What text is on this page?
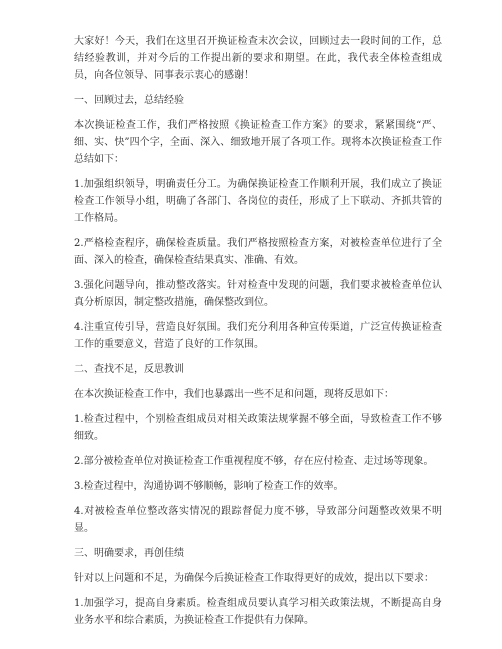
大家好！今天，我们在这里召开换证检查末次会议，回顾过去一段时间的工作，总结经验教训，并对今后的工作提出新的要求和期望。在此，我代表全体检查组成员，向各位领导、同事表示衷心的感谢！

一、回顾过去，总结经验

本次换证检查工作，我们严格按照《换证检查工作方案》的要求，紧紧围绕“严、细、实、快”四个字，全面、深入、细致地开展了各项工作。现将本次换证检查工作总结如下：

1.加强组织领导，明确责任分工。为确保换证检查工作顺利开展，我们成立了换证检查工作领导小组，明确了各部门、各岗位的责任，形成了上下联动、齐抓共管的工作格局。

2.严格检查程序，确保检查质量。我们严格按照检查方案，对被检查单位进行了全面、深入的检查，确保检查结果真实、准确、有效。

3.强化问题导向，推动整改落实。针对检查中发现的问题，我们要求被检查单位认真分析原因，制定整改措施，确保整改到位。

4.注重宣传引导，营造良好氛围。我们充分利用各种宣传渠道，广泛宣传换证检查工作的重要意义，营造了良好的工作氛围。

二、查找不足，反思教训

在本次换证检查工作中，我们也暴露出一些不足和问题，现将反思如下：

1.检查过程中，个别检查组成员对相关政策法规掌握不够全面，导致检查工作不够细致。

2.部分被检查单位对换证检查工作重视程度不够，存在应付检查、走过场等现象。

3.检查过程中，沟通协调不够顺畅，影响了检查工作的效率。

4.对被检查单位整改落实情况的跟踪督促力度不够，导致部分问题整改效果不明显。

三、明确要求，再创佳绩

针对以上问题和不足，为确保今后换证检查工作取得更好的成效，提出以下要求：

1.加强学习，提高自身素质。检查组成员要认真学习相关政策法规，不断提高自身业务水平和综合素质，为换证检查工作提供有力保障。
